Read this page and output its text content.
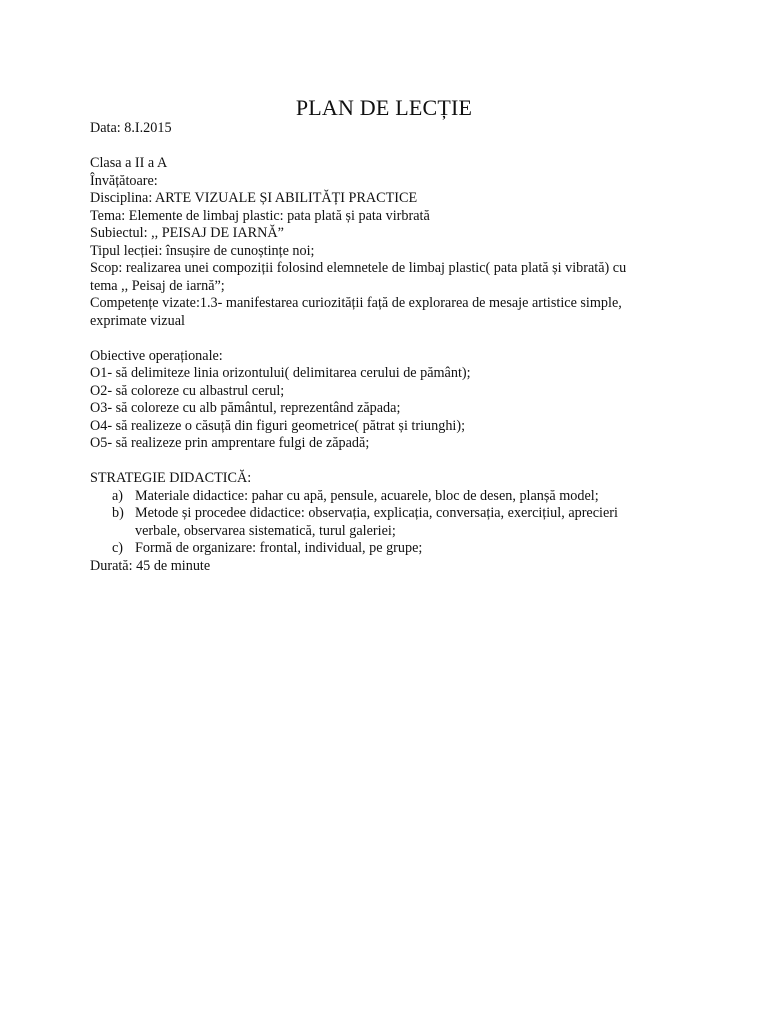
PLAN DE LECȚIE
Data: 8.I.2015
Clasa a II a A
Învățătoare:
Disciplina: ARTE VIZUALE ȘI ABILITĂȚI PRACTICE
Tema: Elemente de limbaj plastic: pata plată și pata virbrată
Subiectul: ,, PEISAJ DE IARNĂ”
Tipul lecției: însușire de cunoștințe noi;
Scop: realizarea unei compoziții folosind elemnetele de limbaj plastic( pata plată și vibrată) cu
tema ,, Peisaj de iarnă”;
Competențe vizate:1.3- manifestarea curiozității față de explorarea de mesaje artistice simple,
exprimate vizual
Obiective operaționale:
O1- să delimiteze linia orizontului( delimitarea cerului de pământ);
O2- să coloreze cu albastrul cerul;
O3- să coloreze cu alb pământul, reprezentând zăpada;
O4- să realizeze o căsuță din figuri geometrice( pătrat și triunghi);
O5- să realizeze prin amprentare fulgi de zăpadă;
STRATEGIE DIDACTICĂ:
a) Materiale didactice: pahar cu apă, pensule, acuarele, bloc de desen, planșă model;
b) Metode și procedee didactice: observația, explicația, conversația, exercițiul, aprecieri
verbale, observarea sistematică, turul galeriei;
c) Formă de organizare: frontal, individual, pe grupe;
Durată: 45 de minute
